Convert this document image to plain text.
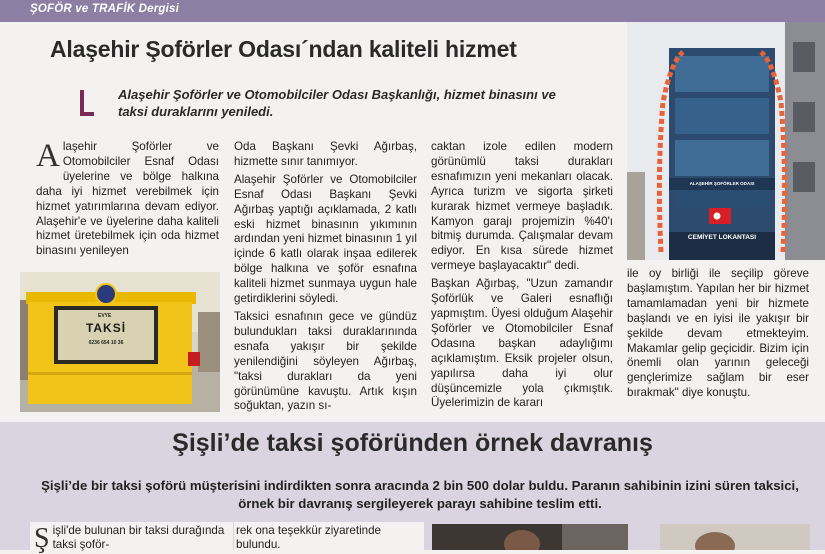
ŞOFÖR ve TRAFİK Dergisi
Alaşehir Şoförler Odası´ndan kaliteli hizmet
Alaşehir Şoförler ve Otomobilciler Odası Başkanlığı, hizmet binasını ve taksi duraklarını yeniledi.
Alaşehir Şoförler ve Otomobilciler Esnaf Odası üyelerine ve bölge halkına daha iyi hizmet verebilmek için hizmet yatırımlarına devam ediyor. Alaşehir'e ve üyelerine daha kaliteli hizmet üretebilmek için oda hizmet binasını yenileyen
EVYE
TAKSİ
0236 654 10 36

Oda Başkanı Şevki Ağırbaş, hizmette sınır tanımıyor.

Alaşehir Şoförler ve Otomobilciler Esnaf Odası Başkanı Şevki Ağırbaş yaptığı açıklamada, 2 katlı eski hizmet binasının yıkımının ardından yeni hizmet binasının 1 yıl içinde 6 katlı olarak inşaa edilerek bölge halkına ve şoför esnafına kaliteli hizmet sunmaya uygun hale getirdiklerini söyledi.

Taksici esnafının gece ve gündüz bulundukları taksi duraklarınında esnafa yakışır bir şekilde yenilendiğini söyleyen Ağırbaş, "taksi durakları da yeni görünümüne kavuştu. Artık kışın soğuktan, yazın sı-

caktan izole edilen modern görünümlü taksi durakları esnafımızın yeni mekanları olacak. Ayrıca turizm ve sigorta şirketi kurarak hizmet vermeye başladık. Kamyon garajı projemizin %40'ı bitmiş durumda. Çalışmalar devam ediyor. En kısa sürede hizmet vermeye başlayacaktır" dedi.

Başkan Ağırbaş, "Uzun zamandır Şoförlük ve Galeri esnaflığı yapmıştım. Üyesi olduğum Alaşehir Şoförler ve Otomobilciler Esnaf Odasına başkan adaylığımı açıklamıştım. Eksik projeler olsun, yapılırsa daha iyi olur düşüncemizle yola çıkmıştık. Üyelerimizin de kararı

ALAŞEHİR ŞOFÖRLER ODASI
CEMİYET LOKANTASI

ile oy birliği ile seçilip göreve başlamıştım. Yapılan her bir hizmet tamamlamadan yeni bir hizmete başlandı ve en iyisi ile yakışır bir şekilde devam etmekteyim. Makamlar gelip geçicidir. Bizim için önemli olan yarının geleceği gençlerimize sağlam bir eser bırakmak" diye konuştu.

Şişli’de taksi şoföründen örnek davranış
Şişli’de bir taksi şoförü müşterisini indirdikten sonra aracında 2 bin 500 dolar buldu. Paranın sahibinin izini süren taksici, örnek bir davranış sergileyerek parayı sahibine teslim etti.
Şişli'de bulunan bir taksi durağında taksi şoför-
rek ona teşekkür ziyaretinde bulundu.
